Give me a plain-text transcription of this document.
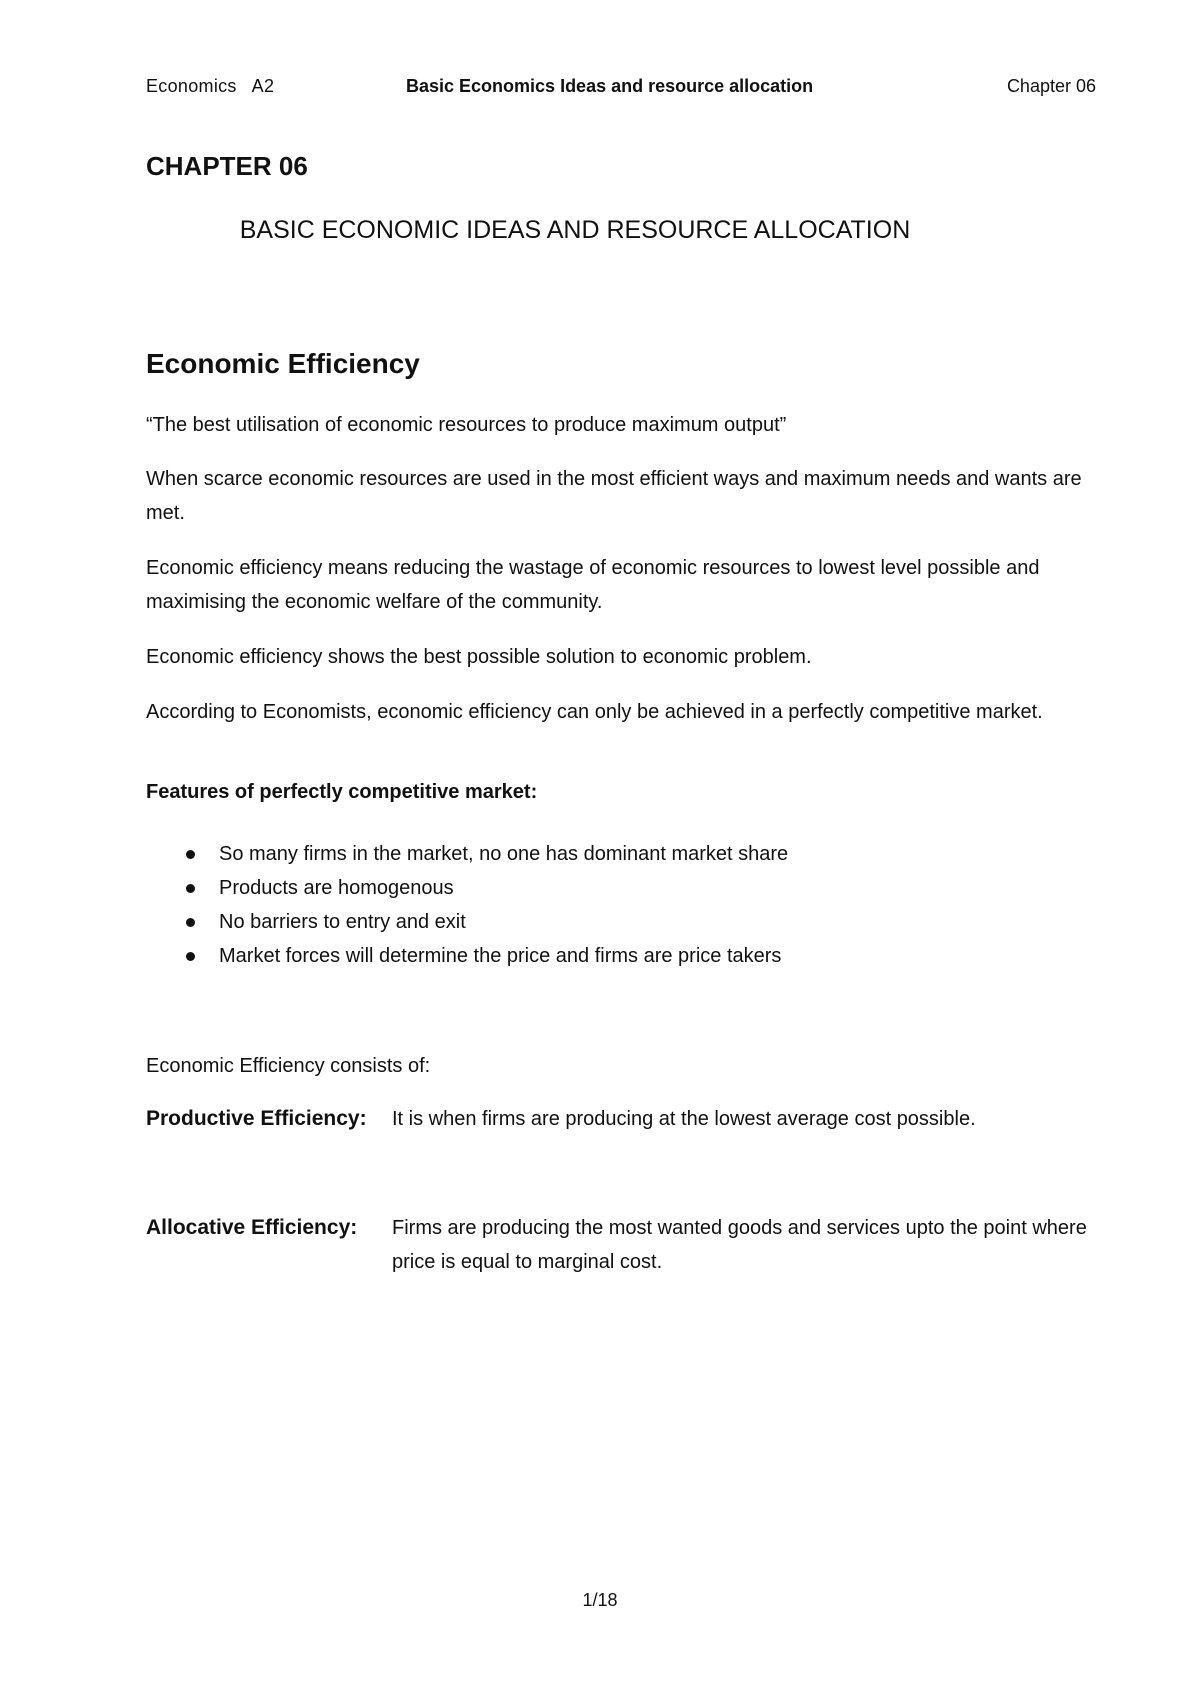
Economics   A2	Basic Economics Ideas and resource allocation	Chapter 06
CHAPTER 06
BASIC ECONOMIC IDEAS AND RESOURCE ALLOCATION
Economic Efficiency

“The best utilisation of economic resources to produce maximum output”

When scarce economic resources are used in the most efficient ways and maximum needs and wants are met.

Economic efficiency means reducing the wastage of economic resources to lowest level possible and maximising the economic welfare of the community.

Economic efficiency shows the best possible solution to economic problem.

According to Economists, economic efficiency can only be achieved in a perfectly competitive market.

Features of perfectly competitive market:
So many firms in the market, no one has dominant market share
Products are homogenous
No barriers to entry and exit
Market forces will determine the price and firms are price takers

Economic Efficiency consists of:

Productive Efficiency: It is when firms are producing at the lowest average cost possible.
Allocative Efficiency: Firms are producing the most wanted goods and services upto the point where price is equal to marginal cost.
1/18
